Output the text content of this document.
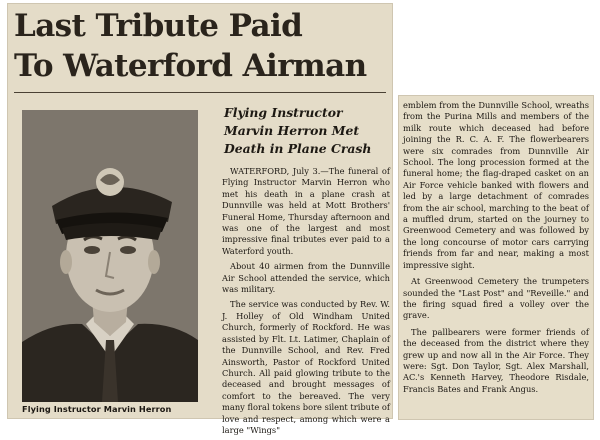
Last Tribute Paid
To Waterford Airman
Flying Instructor Marvin Herron
Flying Instructor Marvin Herron Met Death in Plane Crash

WATERFORD, July 3.—The funeral of Flying Instructor Marvin Herron who met his death in a plane crash at Dunnville was held at Mott Brothers' Funeral Home, Thursday afternoon and was one of the largest and most impressive final tributes ever paid to a Waterford youth.

About 40 airmen from the Dunnville Air School attended the service, which was military.

The service was conducted by Rev. W. J. Holley of Old Windham United Church, formerly of Rockford. He was assisted by Flt. Lt. Latimer, Chaplain of the Dunnville School, and Rev. Fred Ainsworth, Pastor of Rockford United Church. All paid glowing tribute to the deceased and brought messages of comfort to the bereaved. The very many floral tokens bore silent tribute of love and respect, among which were a large "Wings"

emblem from the Dunnville School, wreaths from the Purina Mills and members of the milk route which deceased had before joining the R. C. A. F. The flowerbearers were six comrades from Dunnville Air School. The long procession formed at the funeral home; the flag-draped casket on an Air Force vehicle banked with flowers and led by a large detachment of comrades from the air school, marching to the beat of a muffled drum, started on the journey to Greenwood Cemetery and was followed by the long concourse of motor cars carrying friends from far and near, making a most impressive sight.

At Greenwood Cemetery the trumpeters sounded the "Last Post" and "Reveille." and the firing squad fired a volley over the grave.

The pallbearers were former friends of the deceased from the district where they grew up and now all in the Air Force. They were: Sgt. Don Taylor, Sgt. Alex Marshall, AC.'s Kenneth Harvey, Theodore Risdale, Francis Bates and Frank Angus.
